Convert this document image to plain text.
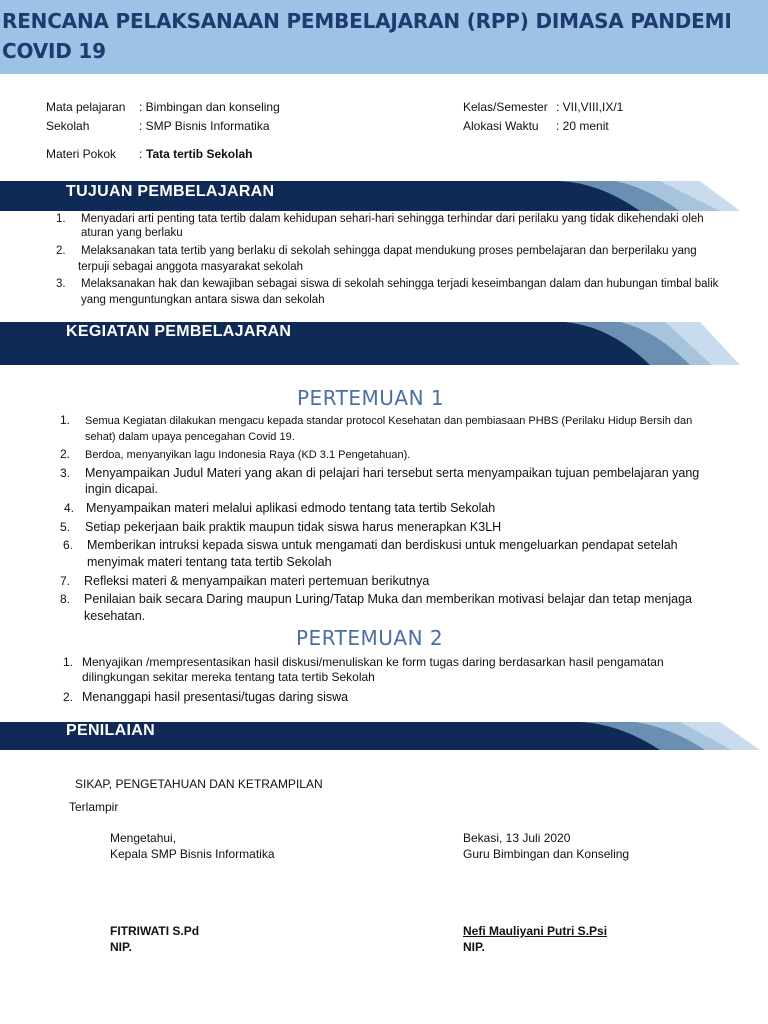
RENCANA PELAKSANAAN PEMBELAJARAN (RPP) DIMASA PANDEMI
COVID 19
Mata pelajaran : Bimbingan dan konseling
Sekolah	: SMP Bisnis Informatika
Materi Pokok : Tata tertib Sekolah
Kelas/Semester : VII,VIII,IX/1
Alokasi Waktu : 20 menit
TUJUAN PEMBELAJARAN
1. Menyadari arti penting tata tertib dalam kehidupan sehari-hari sehingga terhindar dari perilaku yang tidak dikehendaki oleh
aturan yang berlaku
2. Melaksanakan tata tertib yang berlaku di sekolah sehingga dapat mendukung proses pembelajaran dan berperilaku yang
terpuji sebagai anggota masyarakat sekolah
3. Melaksanakan hak dan kewajiban sebagai siswa di sekolah sehingga terjadi keseimbangan dalam dan hubungan timbal balik
yang menguntungkan antara siswa dan sekolah
KEGIATAN PEMBELAJARAN
PERTEMUAN 1
1. Semua Kegiatan dilakukan mengacu kepada standar protocol Kesehatan dan pembiasaan PHBS (Perilaku Hidup Bersih dan
sehat) dalam upaya pencegahan Covid 19.
2. Berdoa, menyanyikan lagu Indonesia Raya (KD 3.1 Pengetahuan).
3. Menyampaikan Judul Materi yang akan di pelajari hari tersebut serta menyampaikan tujuan pembelajaran yang
ingin dicapai.
4. Menyampaikan materi melalui aplikasi edmodo tentang tata tertib Sekolah
5. Setiap pekerjaan baik praktik maupun tidak siswa harus menerapkan K3LH
6. Memberikan intruksi kepada siswa untuk mengamati dan berdiskusi untuk mengeluarkan pendapat setelah
menyimak materi tentang tata tertib Sekolah
7. Refleksi materi & menyampaikan materi pertemuan berikutnya
8. Penilaian baik secara Daring maupun Luring/Tatap Muka dan memberikan motivasi belajar dan tetap menjaga
kesehatan.
PERTEMUAN 2
1. Menyajikan /mempresentasikan hasil diskusi/menuliskan ke form tugas daring berdasarkan hasil pengamatan
dilingkungan sekitar mereka tentang tata tertib Sekolah
2. Menanggapi hasil presentasi/tugas daring siswa
PENILAIAN
SIKAP, PENGETAHUAN DAN KETRAMPILAN
Terlampir
Mengetahui,
Kepala SMP Bisnis Informatika
FITRIWATI S.Pd
NIP.
Bekasi, 13 Juli 2020
Guru Bimbingan dan Konseling
Nefi Mauliyani Putri S.Psi
NIP.
